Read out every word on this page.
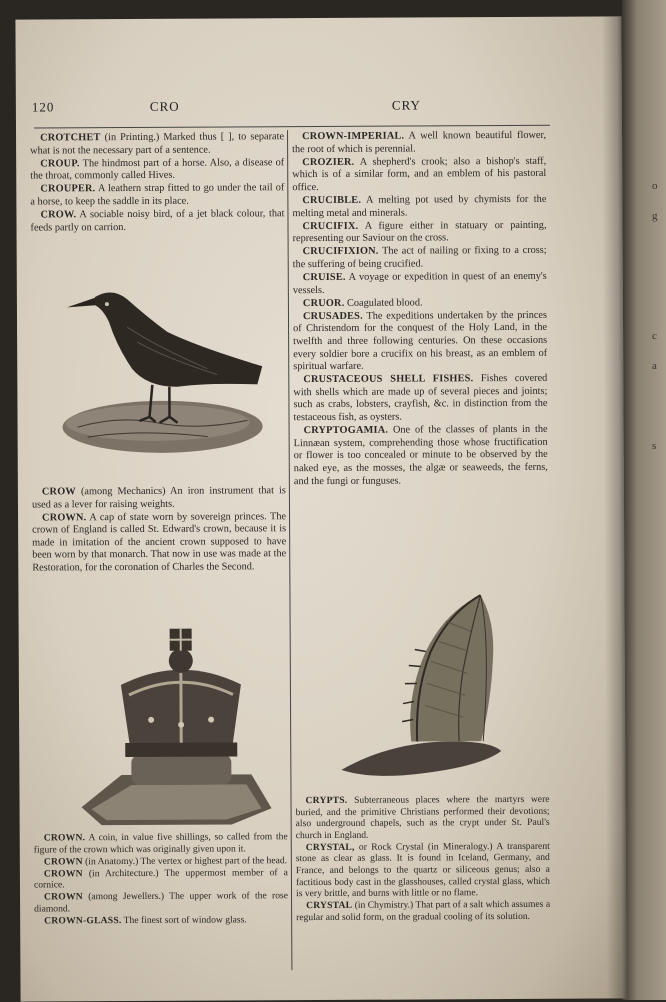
o
g
c
a
s
120	CRO	CRY

CROTCHET (in Printing.) Marked thus [ ], to separate what is not the necessary part of a sentence.

CROUP. The hindmost part of a horse. Also, a disease of the throat, commonly called Hives.

CROUPER. A leathern strap fitted to go under the tail of a horse, to keep the saddle in its place.

CROW. A sociable noisy bird, of a jet black colour, that feeds partly on carrion.

CROW (among Mechanics) An iron instrument that is used as a lever for raising weights.

CROWN. A cap of state worn by sovereign princes. The crown of England is called St. Edward's crown, because it is made in imitation of the ancient crown supposed to have been worn by that monarch. That now in use was made at the Restoration, for the coronation of Charles the Second.

CROWN. A coin, in value five shillings, so called from the figure of the crown which was originally given upon it.

CROWN (in Anatomy.) The vertex or highest part of the head.

CROWN (in Architecture.) The uppermost member of a cornice.

CROWN (among Jewellers.) The upper work of the rose diamond.

CROWN-GLASS. The finest sort of window glass.

CROWN-IMPERIAL. A well known beautiful flower, the root of which is perennial.

CROZIER. A shepherd's crook; also a bishop's staff, which is of a similar form, and an emblem of his pastoral office.

CRUCIBLE. A melting pot used by chymists for the melting metal and minerals.

CRUCIFIX. A figure either in statuary or painting, representing our Saviour on the cross.

CRUCIFIXION. The act of nailing or fixing to a cross; the suffering of being crucified.

CRUISE. A voyage or expedition in quest of an enemy's vessels.

CRUOR. Coagulated blood.

CRUSADES. The expeditions undertaken by the princes of Christendom for the conquest of the Holy Land, in the twelfth and three following centuries. On these occasions every soldier bore a crucifix on his breast, as an emblem of spiritual warfare.

CRUSTACEOUS SHELL FISHES. Fishes covered with shells which are made up of several pieces and joints; such as crabs, lobsters, crayfish, &c. in distinction from the testaceous fish, as oysters.

CRYPTOGAMIA. One of the classes of plants in the Linnæan system, comprehending those whose fructification or flower is too concealed or minute to be observed by the naked eye, as the mosses, the algæ or seaweeds, the ferns, and the fungi or funguses.

CRYPTS. Subterraneous places where the martyrs were buried, and the primitive Christians performed their devotions; also underground chapels, such as the crypt under St. Paul's church in England.

CRYSTAL, or Rock Crystal (in Mineralogy.) A transparent stone as clear as glass. It is found in Iceland, Germany, and France, and belongs to the quartz or siliceous genus; also a factitious body cast in the glasshouses, called crystal glass, which is very brittle, and burns with little or no flame.

CRYSTAL (in Chymistry.) That part of a salt which assumes a regular and solid form, on the gradual cooling of its solution.
